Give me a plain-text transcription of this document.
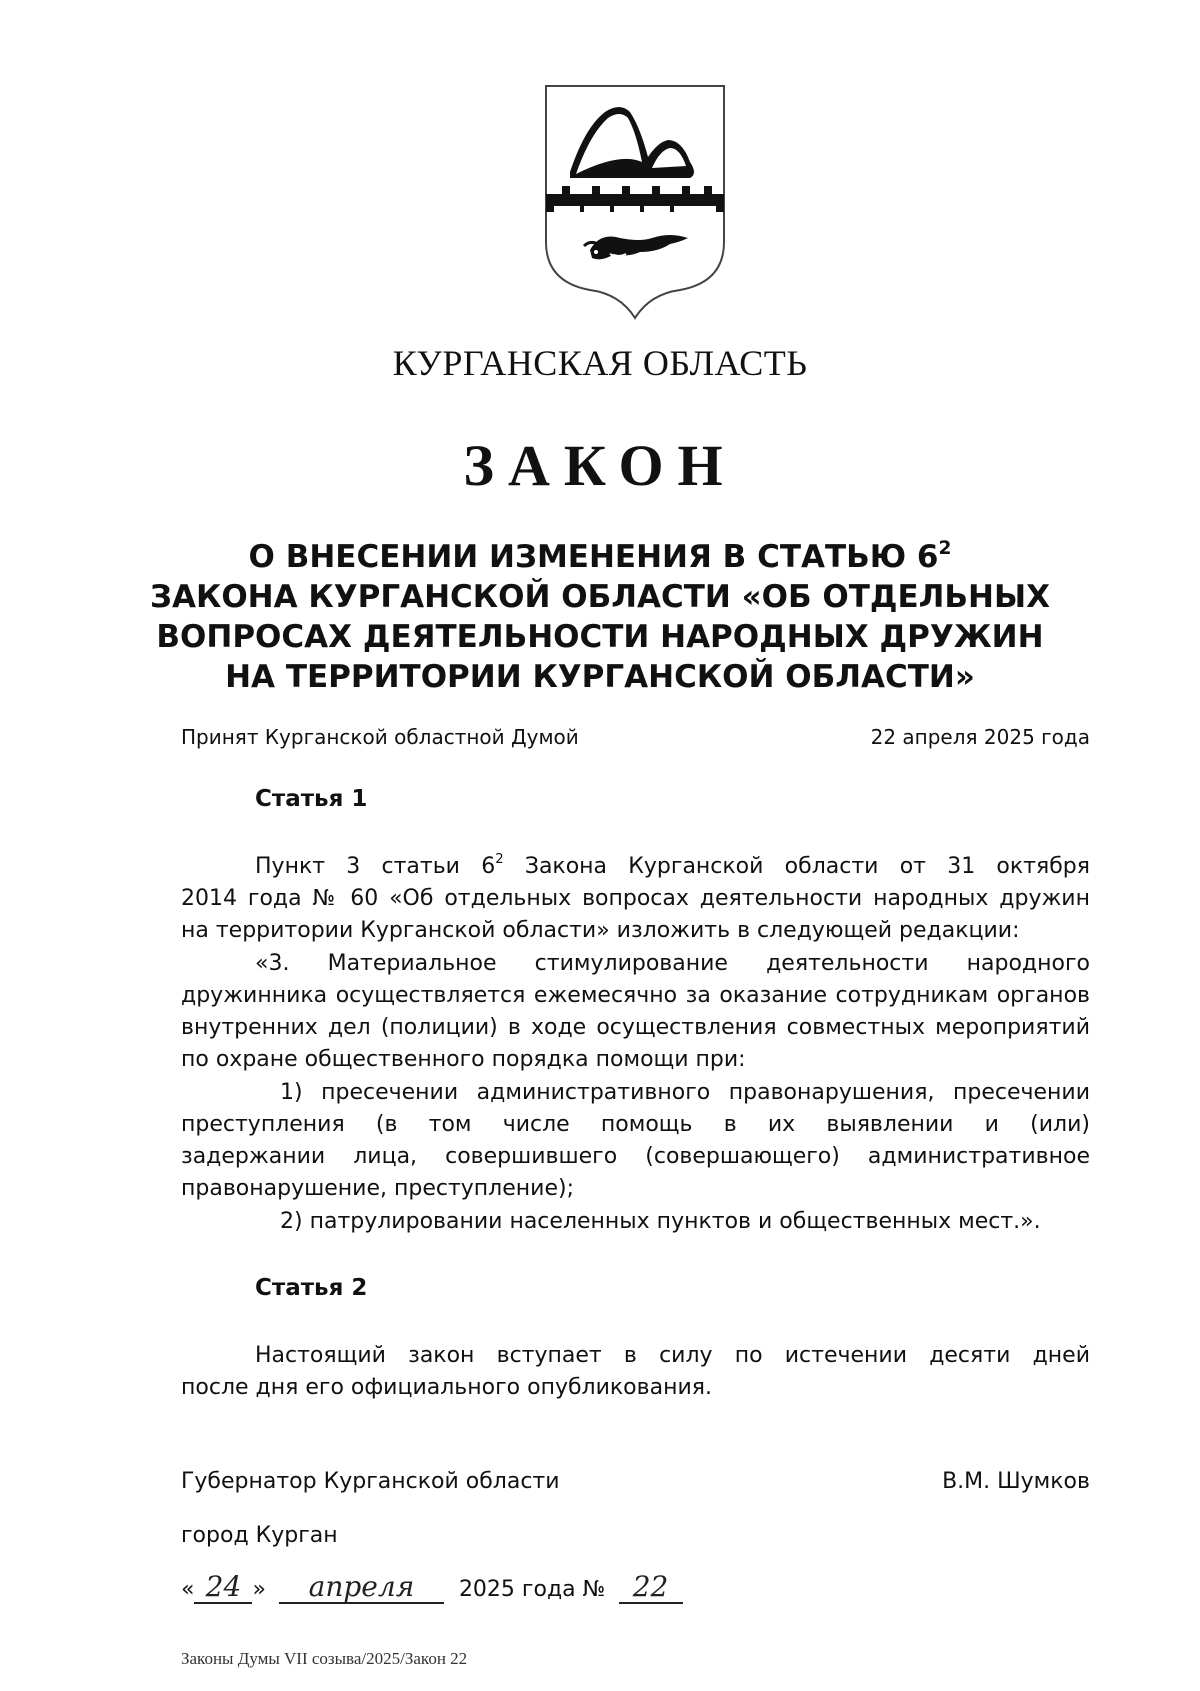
КУРГАНСКАЯ ОБЛАСТЬ
ЗАКОН
О ВНЕСЕНИИ ИЗМЕНЕНИЯ В СТАТЬЮ $6^2$
ЗАКОНА КУРГАНСКОЙ ОБЛАСТИ «ОБ ОТДЕЛЬНЫХ
ВОПРОСАХ ДЕЯТЕЛЬНОСТИ НАРОДНЫХ ДРУЖИН
НА ТЕРРИТОРИИ КУРГАНСКОЙ ОБЛАСТИ»
Принят Курганской областной Думой	22 апреля 2025 года
Статья 1
Пункт 3 статьи $6^2$ Закона Курганской области от 31 октября
2014 года № 60 «Об отдельных вопросах деятельности народных дружин
на территории Курганской области» изложить в следующей редакции:
«3. Материальное стимулирование деятельности народного
дружинника осуществляется ежемесячно за оказание сотрудникам органов
внутренних дел (полиции) в ходе осуществления совместных мероприятий
по охране общественного порядка помощи при:
1) пресечении административного правонарушения, пресечении
преступления (в том числе помощь в их выявлении и (или)
задержании лица, совершившего (совершающего) административное
правонарушение, преступление);
2) патрулировании населенных пунктов и общественных мест.».
Статья 2
Настоящий закон вступает в силу по истечении десяти дней
после дня его официального опубликования.
Губернатор Курганской области	В.М. Шумков
город Курган
« 24 » апреля 2025 года № 22
Законы Думы VII созыва/2025/Закон 22
